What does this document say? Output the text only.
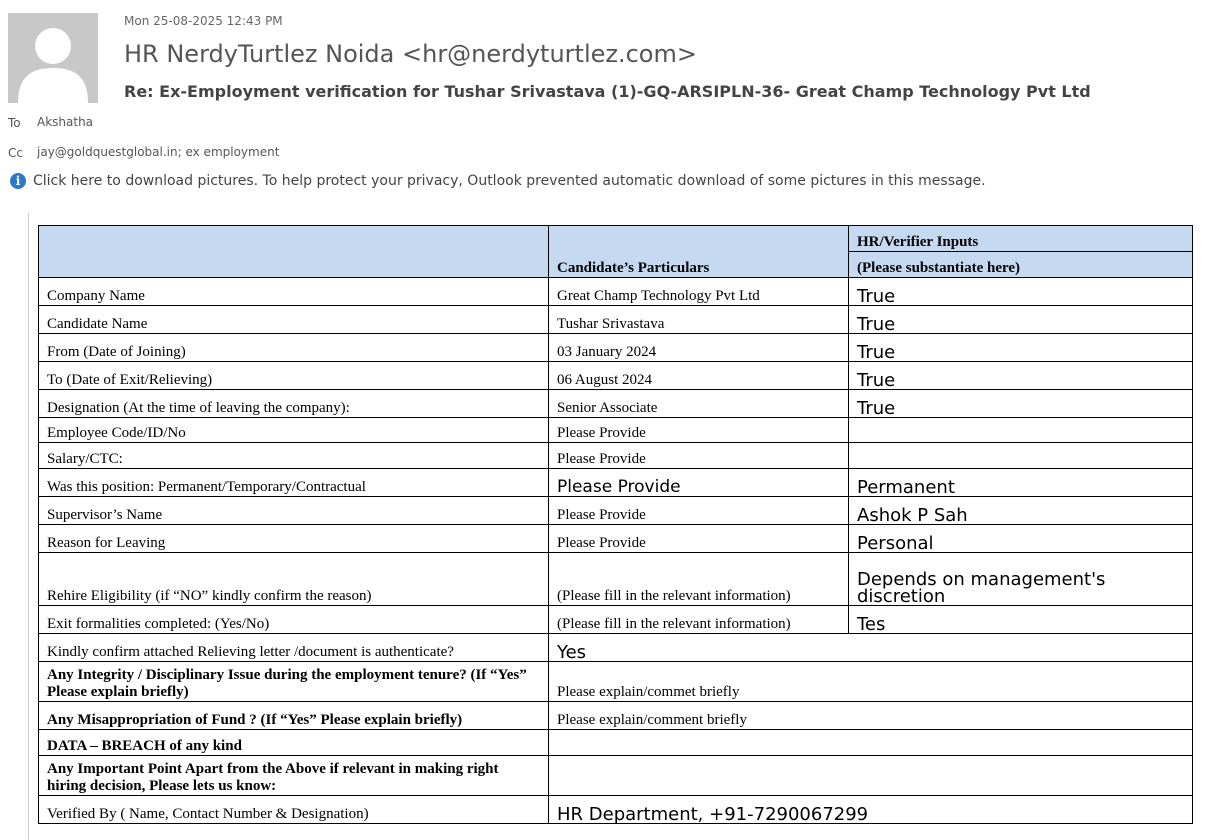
Mon 25-08-2025 12:43 PM
HR NerdyTurtlez Noida <hr@nerdyturtlez.com>
Re: Ex-Employment verification for Tushar Srivastava (1)-GQ-ARSIPLN-36- Great Champ Technology Pvt Ltd
To Akshatha
Cc jay@goldquestglobal.in; ex employment
i Click here to download pictures. To help protect your privacy, Outlook prevented automatic download of some pictures in this message.
	Candidate’s Particulars	HR/Verifier Inputs
		(Please substantiate here)
Company Name	Great Champ Technology Pvt Ltd	True
Candidate Name	Tushar Srivastava	True
From (Date of Joining)	03 January 2024	True
To (Date of Exit/Relieving)	06 August 2024	True
Designation (At the time of leaving the company):	Senior Associate	True
Employee Code/ID/No	Please Provide	
Salary/CTC:	Please Provide	
Was this position: Permanent/Temporary/Contractual	Please Provide	Permanent
Supervisor’s Name	Please Provide	Ashok P Sah
Reason for Leaving	Please Provide	Personal
Rehire Eligibility (if “NO” kindly confirm the reason)	(Please fill in the relevant information)	Depends on management's discretion
Exit formalities completed: (Yes/No)	(Please fill in the relevant information)	Tes
Kindly confirm attached Relieving letter /document is authenticate?	Yes	
Any Integrity / Disciplinary Issue during the employment tenure? (If “Yes” Please explain briefly)	Please explain/commet briefly	
Any Misappropriation of Fund ? (If “Yes” Please explain briefly)	Please explain/comment briefly	
DATA – BREACH of any kind		
Any Important Point Apart from the Above if relevant in making right hiring decision, Please lets us know:		
Verified By ( Name, Contact Number & Designation)	HR Department, +91-7290067299	
